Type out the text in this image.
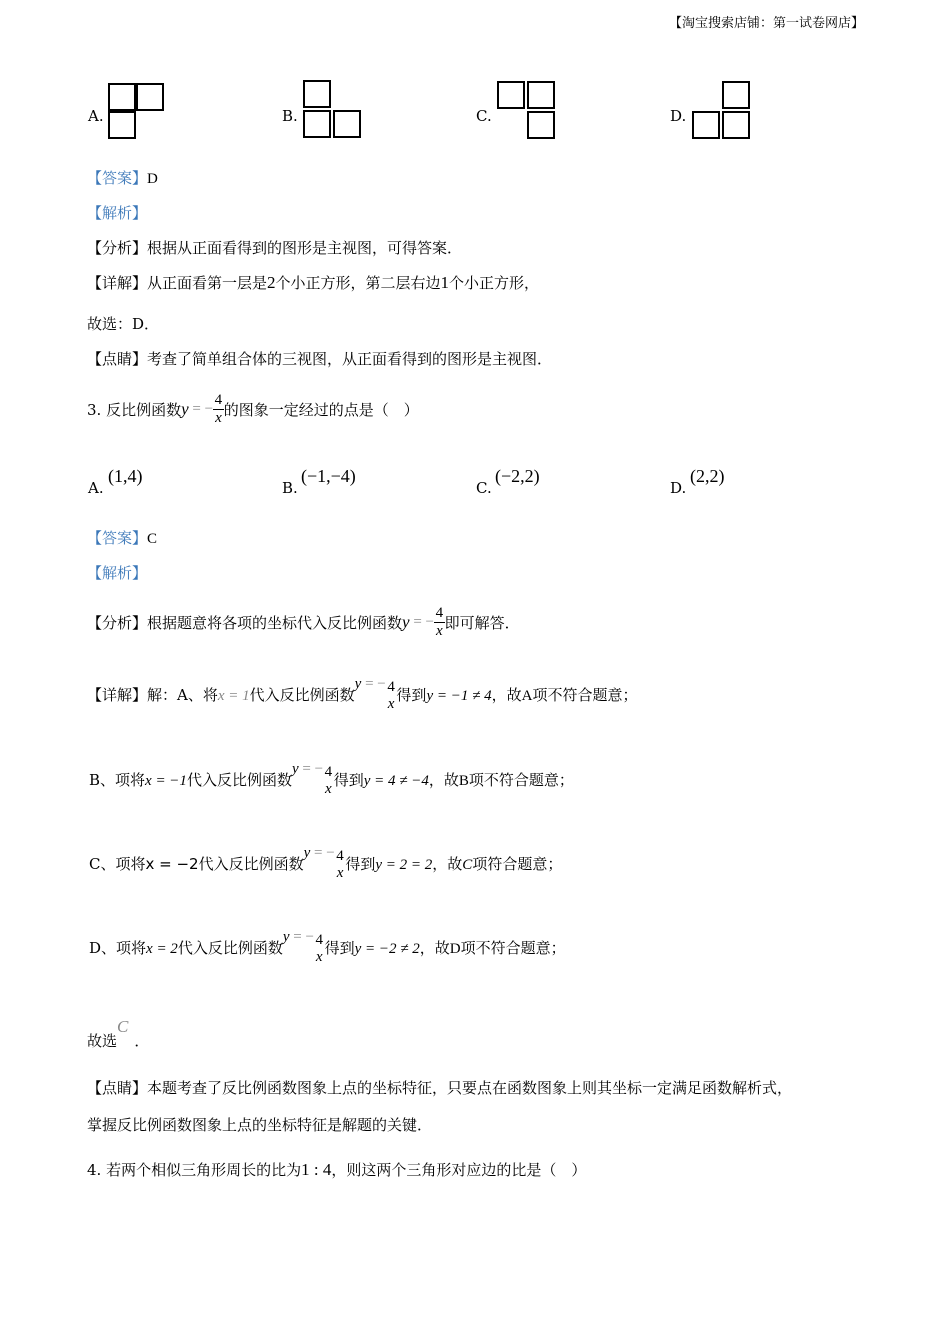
【淘宝搜索店铺：第一试卷网店】
A.	B.	C.	D.
【答案】D
【解析】
【分析】根据从正面看得到的图形是主视图，可得答案．
【详解】从正面看第一层是2个小正方形，第二层右边1个小正方形，
故选：D．
【点睛】考查了简单组合体的三视图，从正面看得到的图形是主视图．
3. 反比例函数y = − $\frac{4}{x}$ 的图象一定经过的点是（　）
A.
(1,4)
B.
(−1,−4)
C.
(−2,2)
D.
(2,2)
【答案】C
【解析】
【分析】根据题意将各项的坐标代入反比例函数y = − $\frac{4}{x}$ 即可解答．
【详解】解：A、将x = 1代入反比例函数y = − 4
x 得到y = −1 ≠ 4，故A项不符合题意；
B、项将x = −1代入反比例函数y = − 4
x 得到y = 4 ≠ −4，故B项不符合题意；
C、项将x = −2代入反比例函数y = − 4
x 得到y = 2 = 2，故C项符合题意；
D、项将x = 2代入反比例函数y = − 4
x 得到y = −2 ≠ 2，故D项不符合题意；
故选C．
【点睛】本题考查了反比例函数图象上点的坐标特征，只要点在函数图象上则其坐标一定满足函数解析式，
掌握反比例函数图象上点的坐标特征是解题的关键．
4. 若两个相似三角形周长的比为1 : 4，则这两个三角形对应边的比是（　）
